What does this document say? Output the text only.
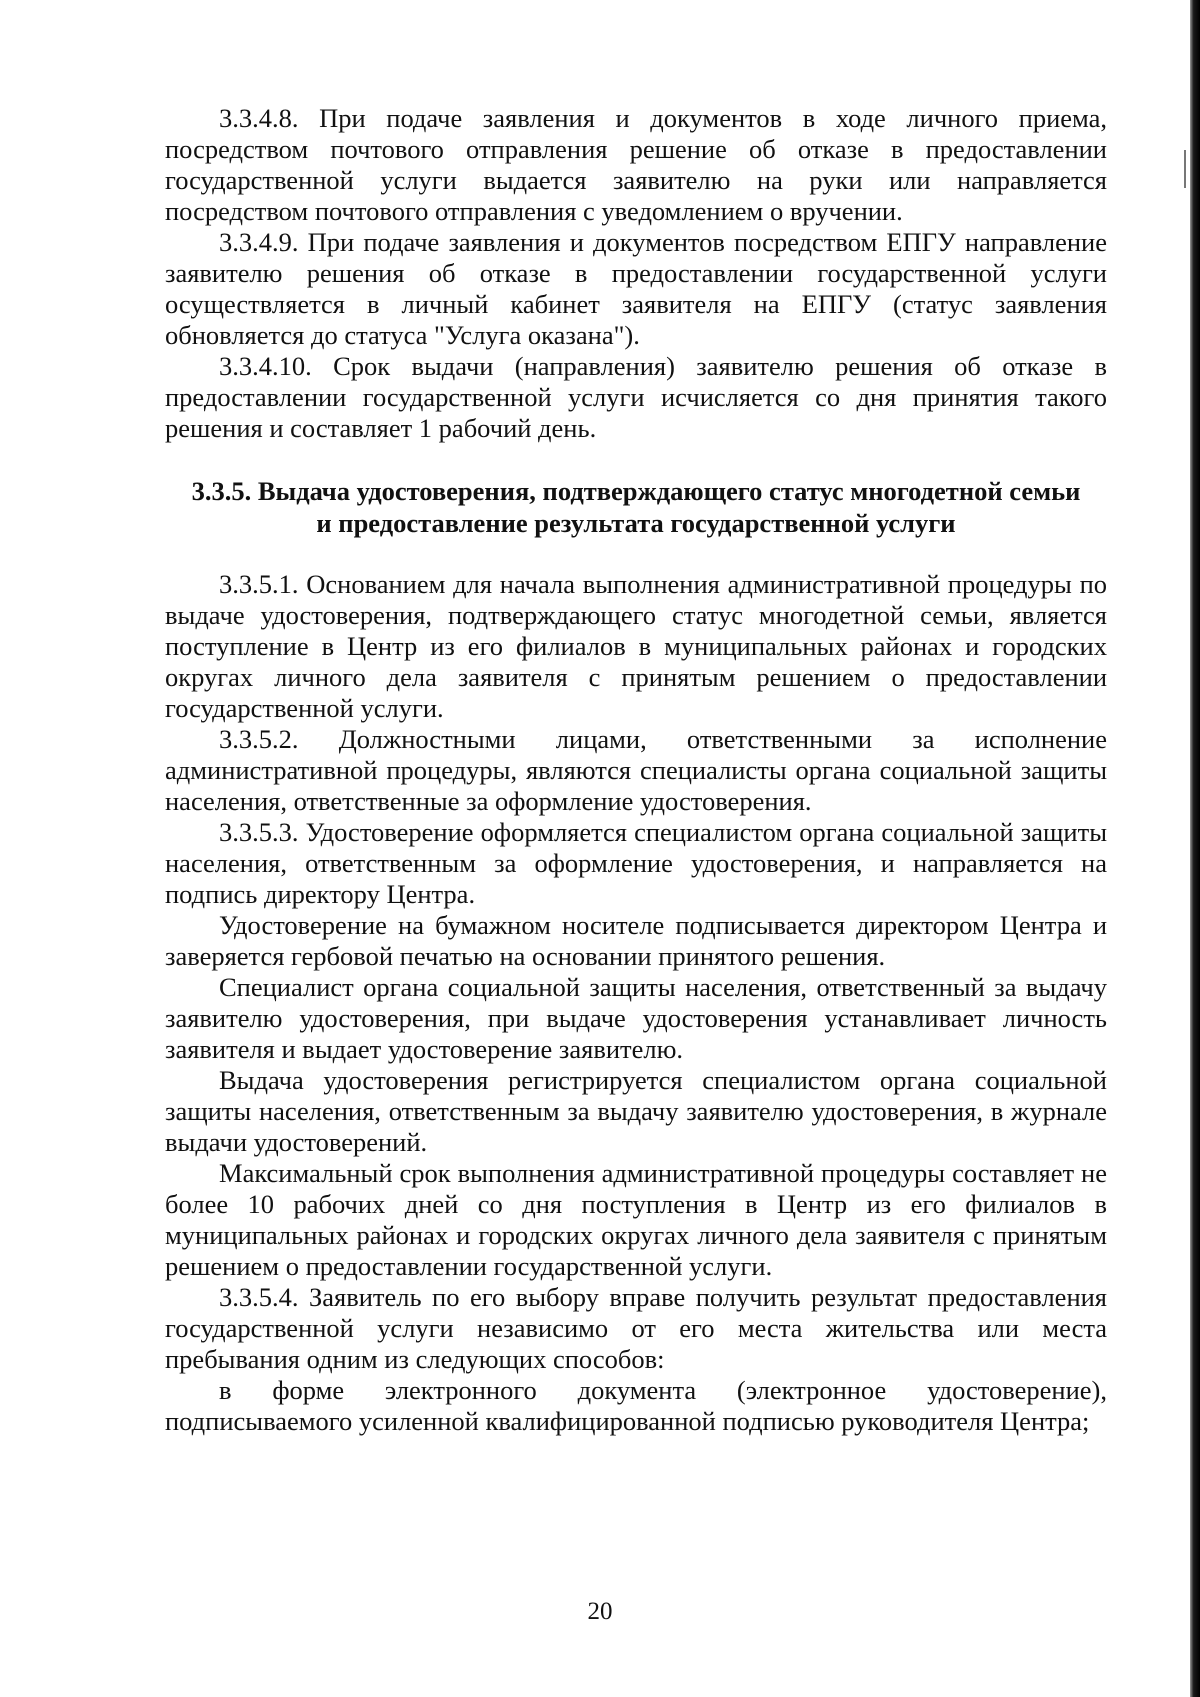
3.3.4.8. При подаче заявления и документов в ходе личного приема, посредством почтового отправления решение об отказе в предоставлении государственной услуги выдается заявителю на руки или направляется посредством почтового отправления с уведомлением о вручении.

3.3.4.9. При подаче заявления и документов посредством ЕПГУ направление заявителю решения об отказе в предоставлении государственной услуги осуществляется в личный кабинет заявителя на ЕПГУ (статус заявления обновляется до статуса "Услуга оказана").

3.3.4.10. Срок выдачи (направления) заявителю решения об отказе в предоставлении государственной услуги исчисляется со дня принятия такого решения и составляет 1 рабочий день.

3.3.5. Выдача удостоверения, подтверждающего статус многодетной семьи и предоставление результата государственной услуги

3.3.5.1. Основанием для начала выполнения административной процедуры по выдаче удостоверения, подтверждающего статус многодетной семьи, является поступление в Центр из его филиалов в муниципальных районах и городских округах личного дела заявителя с принятым решением о предоставлении государственной услуги.

3.3.5.2. Должностными лицами, ответственными за исполнение административной процедуры, являются специалисты органа социальной защиты населения, ответственные за оформление удостоверения.

3.3.5.3. Удостоверение оформляется специалистом органа социальной защиты населения, ответственным за оформление удостоверения, и направляется на подпись директору Центра.

Удостоверение на бумажном носителе подписывается директором Центра и заверяется гербовой печатью на основании принятого решения.

Специалист органа социальной защиты населения, ответственный за выдачу заявителю удостоверения, при выдаче удостоверения устанавливает личность заявителя и выдает удостоверение заявителю.

Выдача удостоверения регистрируется специалистом органа социальной защиты населения, ответственным за выдачу заявителю удостоверения, в журнале выдачи удостоверений.

Максимальный срок выполнения административной процедуры составляет не более 10 рабочих дней со дня поступления в Центр из его филиалов в муниципальных районах и городских округах личного дела заявителя с принятым решением о предоставлении государственной услуги.

3.3.5.4. Заявитель по его выбору вправе получить результат предоставления государственной услуги независимо от его места жительства или места пребывания одним из следующих способов:

в форме электронного документа (электронное удостоверение), подписываемого усиленной квалифицированной подписью руководителя Центра;

20
